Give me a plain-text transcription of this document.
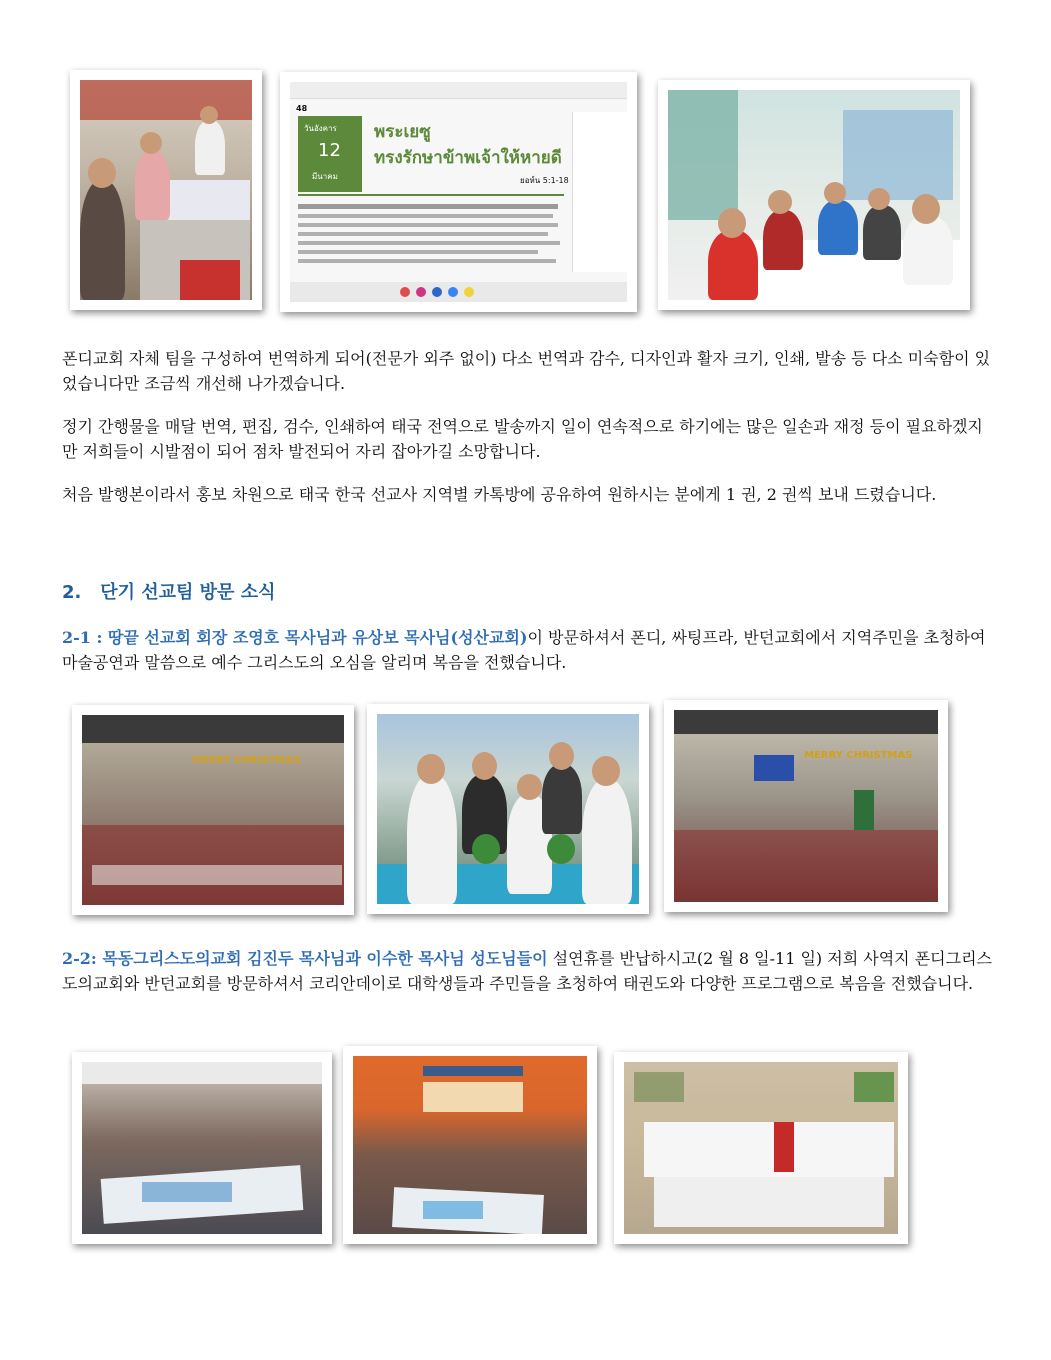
48
วันอังคาร
12
มีนาคม
พระเยซู
ทรงรักษาข้าพเจ้าให้หายดี
ยอห์น 5:1-18

폰디교회 자체 팀을 구성하여 번역하게 되어(전문가 외주 없이) 다소 번역과 감수, 디자인과 활자 크기, 인쇄, 발송 등 다소 미숙함이 있었습니다만 조금씩 개선해 나가겠습니다.

정기 간행물을 매달 번역, 편집, 검수, 인쇄하여 태국 전역으로 발송까지 일이 연속적으로 하기에는 많은 일손과 재정 등이 필요하겠지만 저희들이 시발점이 되어 점차 발전되어 자리 잡아가길 소망합니다.

처음 발행본이라서 홍보 차원으로 태국 한국 선교사 지역별 카톡방에 공유하여 원하시는 분에게 1 권, 2 권씩 보내 드렸습니다.

2. 단기 선교팀 방문 소식

2-1 : 땅끝 선교회 회장 조영호 목사님과 유상보 목사님(성산교회)이 방문하셔서 폰디, 싸팅프라, 반던교회에서 지역주민을 초청하여 마술공연과 말씀으로 예수 그리스도의 오심을 알리며 복음을 전했습니다.

MERRY CHRISTMAS	MERRY CHRISTMAS

2-2: 목동그리스도의교회 김진두 목사님과 이수한 목사님 성도님들이 설연휴를 반납하시고(2 월 8 일-11 일) 저희 사역지 폰디그리스도의교회와 반던교회를 방문하셔서 코리안데이로 대학생들과 주민들을 초청하여 태권도와 다양한 프로그램으로 복음을 전했습니다.
